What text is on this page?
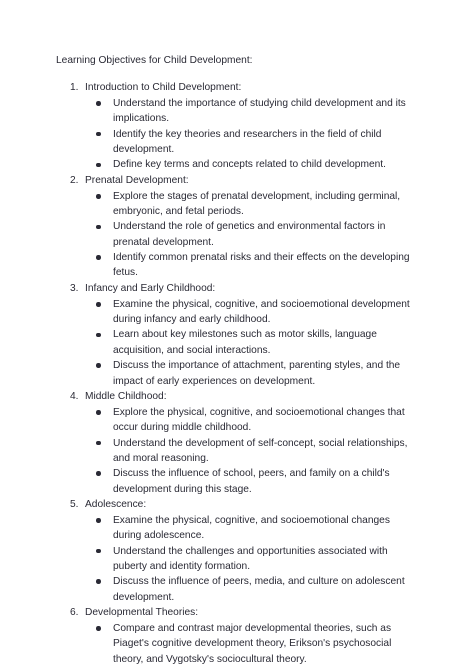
Learning Objectives for Child Development:
1. Introduction to Child Development:
Understand the importance of studying child development and its implications.
Identify the key theories and researchers in the field of child development.
Define key terms and concepts related to child development.
2. Prenatal Development:
Explore the stages of prenatal development, including germinal, embryonic, and fetal periods.
Understand the role of genetics and environmental factors in prenatal development.
Identify common prenatal risks and their effects on the developing fetus.
3. Infancy and Early Childhood:
Examine the physical, cognitive, and socioemotional development during infancy and early childhood.
Learn about key milestones such as motor skills, language acquisition, and social interactions.
Discuss the importance of attachment, parenting styles, and the impact of early experiences on development.
4. Middle Childhood:
Explore the physical, cognitive, and socioemotional changes that occur during middle childhood.
Understand the development of self-concept, social relationships, and moral reasoning.
Discuss the influence of school, peers, and family on a child's development during this stage.
5. Adolescence:
Examine the physical, cognitive, and socioemotional changes during adolescence.
Understand the challenges and opportunities associated with puberty and identity formation.
Discuss the influence of peers, media, and culture on adolescent development.
6. Developmental Theories:
Compare and contrast major developmental theories, such as Piaget's cognitive development theory, Erikson's psychosocial theory, and Vygotsky's sociocultural theory.
